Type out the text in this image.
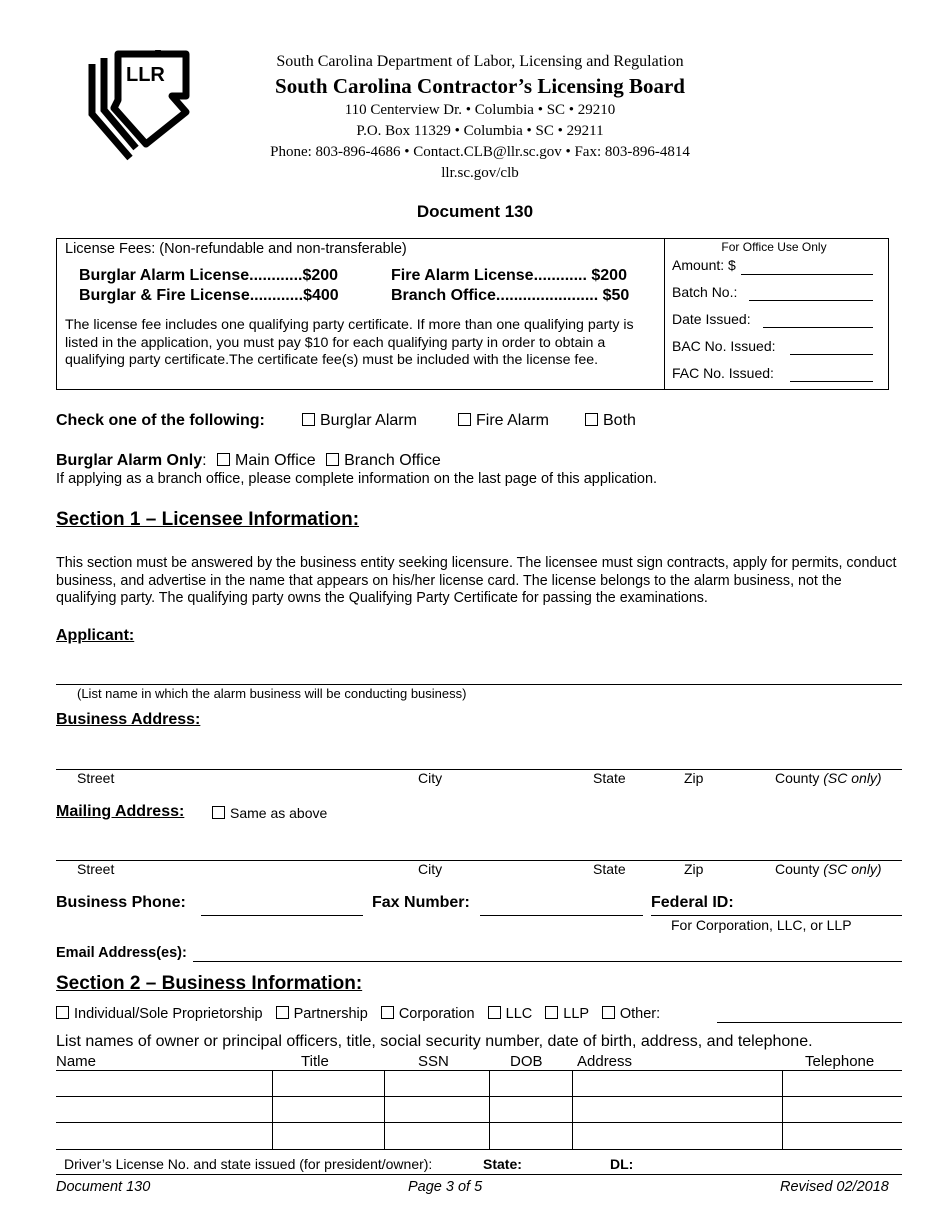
LLR
South Carolina Department of Labor, Licensing and Regulation
South Carolina Contractor’s Licensing Board
110 Centerview Dr. • Columbia • SC • 29210
P.O. Box 11329 • Columbia • SC • 29211
Phone: 803-896-4686 • Contact.CLB@llr.sc.gov • Fax: 803-896-4814
llr.sc.gov/clb
Document 130
License Fees: (Non-refundable and non-transferable)
Burglar Alarm License............$200	Fire Alarm License............ $200
Burglar & Fire License............$400	Branch Office....................... $50
The license fee includes one qualifying party certificate. If more than one qualifying party is listed in the application, you must pay $10 for each qualifying party in order to obtain a qualifying party certificate.The certificate fee(s) must be included with the license fee.
For Office Use Only
Amount: $
Batch No.:
Date Issued:
BAC No. Issued:
FAC No. Issued:
Check one of the following:	Burglar Alarm	Fire Alarm	Both
Burglar Alarm Only: Main Office Branch Office
If applying as a branch office, please complete information on the last page of this application.
Section 1 – Licensee Information:
This section must be answered by the business entity seeking licensure. The licensee must sign contracts, apply for permits, conduct business, and advertise in the name that appears on his/her license card. The license belongs to the alarm business, not the qualifying party. The qualifying party owns the Qualifying Party Certificate for passing the examinations.
Applicant:
(List name in which the alarm business will be conducting business)
Business Address:
Street	City	State	Zip	County (SC only)
Mailing Address:	Same as above
Street	City	State	Zip	County (SC only)
Business Phone:	Fax Number:	Federal ID:
For Corporation, LLC, or LLP
Email Address(es):
Section 2 – Business Information:
Individual/Sole Proprietorship Partnership Corporation LLC LLP Other:
List names of owner or principal officers, title, social security number, date of birth, address, and telephone.
Name	Title	SSN	DOB Address	Telephone
Driver’s License No. and state issued (for president/owner):	State:	DL:
Document 130	Page 3 of 5	Revised 02/2018
